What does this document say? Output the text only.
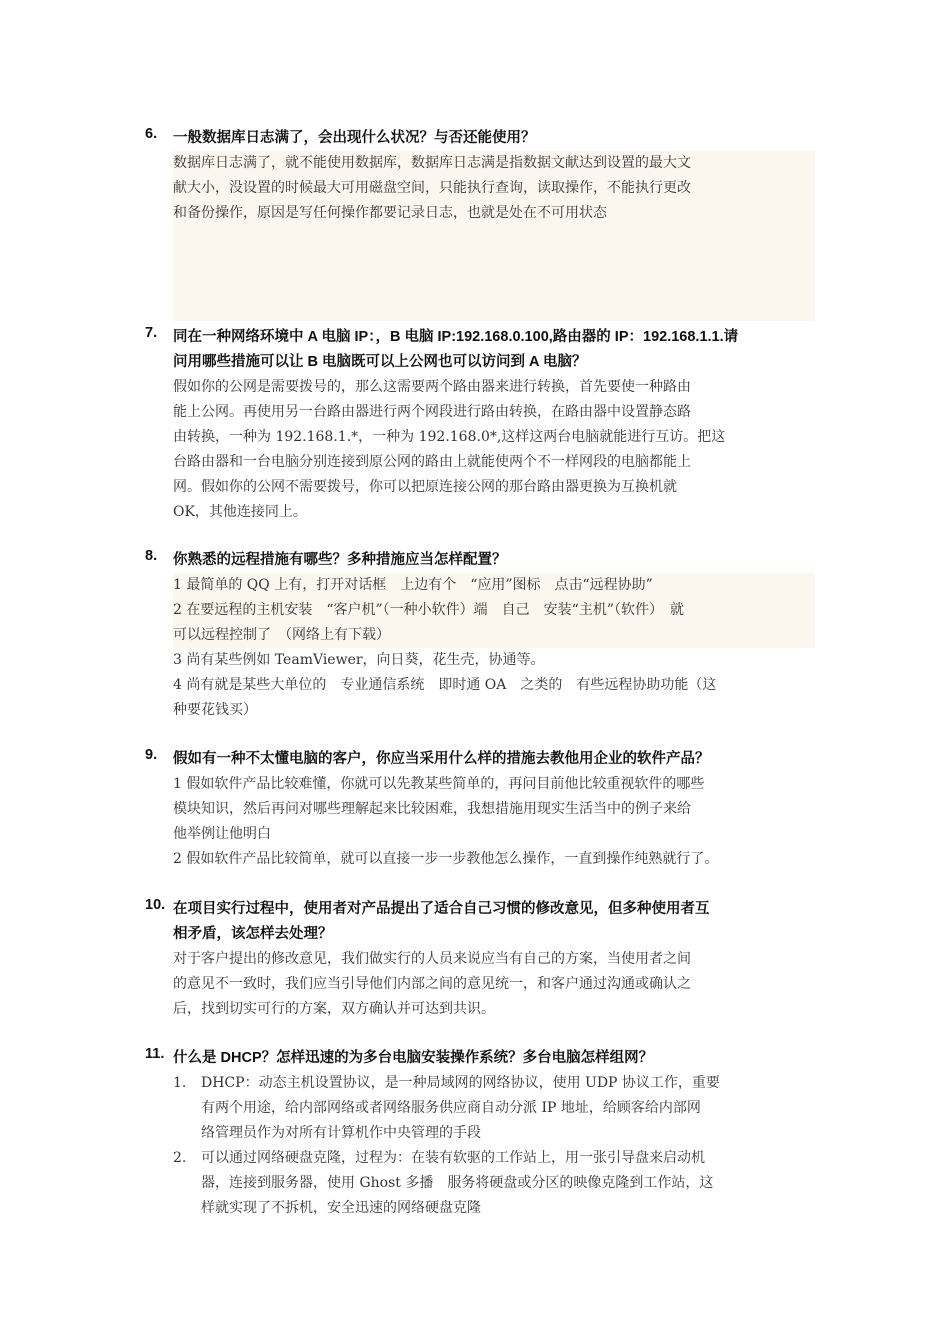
6. 一般数据库日志满了，会出现什么状况？与否还能使用？

数据库日志满了，就不能使用数据库，数据库日志满是指数据文献达到设置的最大文

献大小，没设置的时候最大可用磁盘空间，只能执行查询，读取操作，不能执行更改

和备份操作，原因是写任何操作都要记录日志，也就是处在不可用状态

7. 同在一种网络环境中 A 电脑 IP：，B 电脑 IP:192.168.0.100,路由器的 IP：192.168.1.1.请
问用哪些措施可以让 B 电脑既可以上公网也可以访问到 A 电脑？

假如你的公网是需要拨号的，那么这需要两个路由器来进行转换，首先要使一种路由

能上公网。再使用另一台路由器进行两个网段进行路由转换，在路由器中设置静态路

由转换，一种为 192.168.1.*，一种为 192.168.0*,这样这两台电脑就能进行互访。把这

台路由器和一台电脑分别连接到原公网的路由上就能使两个不一样网段的电脑都能上

网。假如你的公网不需要拨号，你可以把原连接公网的那台路由器更换为互换机就

OK，其他连接同上。

8. 你熟悉的远程措施有哪些？多种措施应当怎样配置？

1 最简单的 QQ 上有，打开对话框　上边有个　“应用”图标　点击“远程协助”

2 在要远程的主机安装　“客户机”（一种小软件）端　自己　安装“主机”（软件）　就

可以远程控制了　（网络上有下载）

3 尚有某些例如 TeamViewer，向日葵，花生壳，协通等。

4 尚有就是某些大单位的　专业通信系统　即时通 OA　之类的　有些远程协助功能（这

种要花钱买）

9. 假如有一种不太懂电脑的客户，你应当采用什么样的措施去教他用企业的软件产品？

1 假如软件产品比较难懂，你就可以先教某些简单的，再问目前他比较重视软件的哪些

模块知识，然后再问对哪些理解起来比较困难，我想措施用现实生活当中的例子来给

他举例让他明白

2 假如软件产品比较简单，就可以直接一步一步教他怎么操作，一直到操作纯熟就行了。

10. 在项目实行过程中，使用者对产品提出了适合自己习惯的修改意见，但多种使用者互
相矛盾，该怎样去处理？

对于客户提出的修改意见，我们做实行的人员来说应当有自己的方案，当使用者之间

的意见不一致时，我们应当引导他们内部之间的意见统一，和客户通过沟通或确认之

后，找到切实可行的方案，双方确认并可达到共识。

11. 什么是 DHCP？怎样迅速的为多台电脑安装操作系统？多台电脑怎样组网？
1. DHCP：动态主机设置协议，是一种局域网的网络协议，使用 UDP 协议工作，重要

有两个用途，给内部网络或者网络服务供应商自动分派 IP 地址，给顾客给内部网

络管理员作为对所有计算机作中央管理的手段

2. 可以通过网络硬盘克隆，过程为：在装有软驱的工作站上，用一张引导盘来启动机

器，连接到服务器，使用 Ghost 多播　服务将硬盘或分区的映像克隆到工作站，这

样就实现了不拆机，安全迅速的网络硬盘克隆
